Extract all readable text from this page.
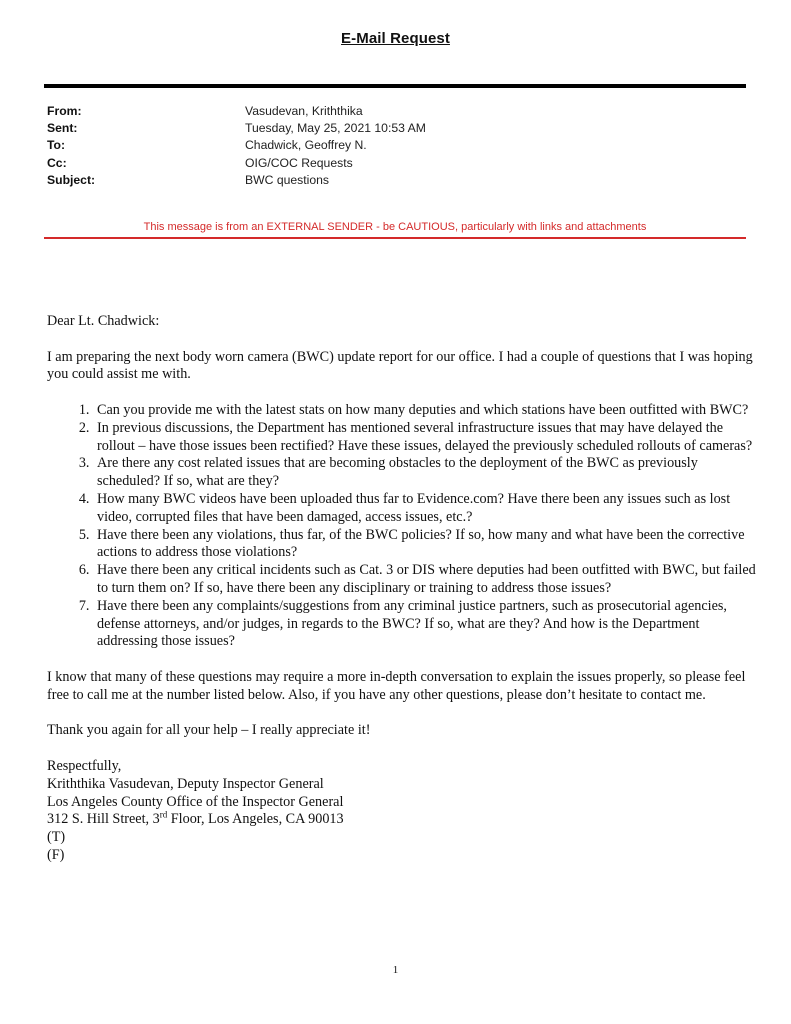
E-Mail Request
From:	Vasudevan, Kriththika
Sent:	Tuesday, May 25, 2021 10:53 AM
To:	Chadwick, Geoffrey N.
Cc:	OIG/COC Requests
Subject:	BWC questions
This message is from an EXTERNAL SENDER - be CAUTIOUS, particularly with links and attachments

Dear Lt. Chadwick:

I am preparing the next body worn camera (BWC) update report for our office. I had a couple of questions that I was hoping you could assist me with.

1. Can you provide me with the latest stats on how many deputies and which stations have been outfitted with BWC?
2. In previous discussions, the Department has mentioned several infrastructure issues that may have delayed the rollout – have those issues been rectified? Have these issues, delayed the previously scheduled rollouts of cameras?
3. Are there any cost related issues that are becoming obstacles to the deployment of the BWC as previously scheduled? If so, what are they?
4. How many BWC videos have been uploaded thus far to Evidence.com? Have there been any issues such as lost video, corrupted files that have been damaged, access issues, etc.?
5. Have there been any violations, thus far, of the BWC policies? If so, how many and what have been the corrective actions to address those violations?
6. Have there been any critical incidents such as Cat. 3 or DIS where deputies had been outfitted with BWC, but failed to turn them on? If so, have there been any disciplinary or training to address those issues?
7. Have there been any complaints/suggestions from any criminal justice partners, such as prosecutorial agencies, defense attorneys, and/or judges, in regards to the BWC? If so, what are they? And how is the Department addressing those issues?

I know that many of these questions may require a more in-depth conversation to explain the issues properly, so please feel free to call me at the number listed below. Also, if you have any other questions, please don’t hesitate to contact me.

Thank you again for all your help – I really appreciate it!

Respectfully,
Kriththika Vasudevan, Deputy Inspector General
Los Angeles County Office of the Inspector General
312 S. Hill Street, 3rd Floor, Los Angeles, CA 90013
(T)
(F)
1
